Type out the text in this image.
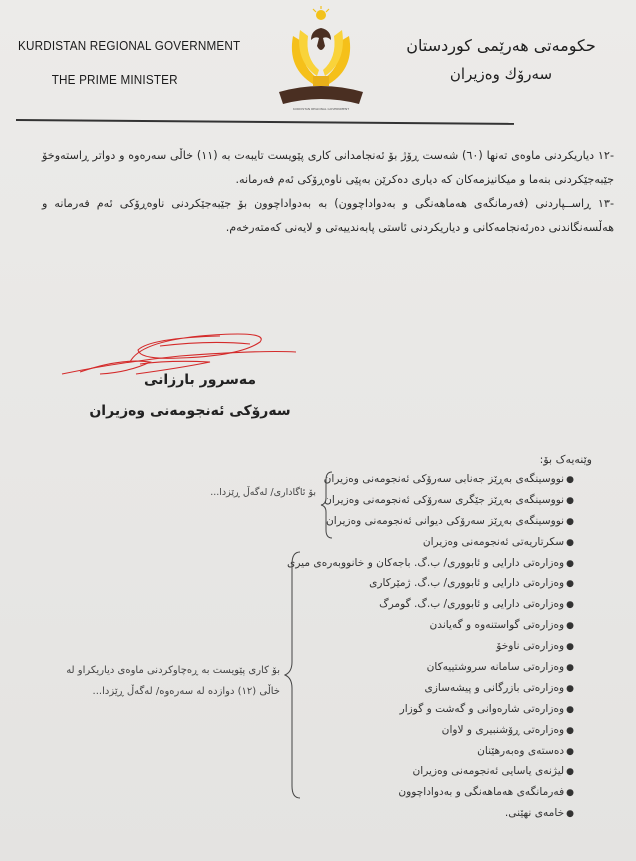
KURDISTAN REGIONAL GOVERNMENT
THE PRIME MINISTER
KURDISTAN REGIONAL GOVERNMENT
حکومەتی هەرێمی کوردستان
سەرۆك وەزیران

-١٢ دیاریکردنی ماوەی تەنها (٦٠) شەست ڕۆژ بۆ ئەنجامدانی کاری پێویست تایبەت بە (١١) خاڵی سەرەوە و دواتر ڕاستەوخۆ جێبەجێکردنی بنەما و میکانیزمەکان کە دیاری دەکرێن بەپێی ناوەڕۆکی ئەم فەرمانە.

-١٣ ڕاســپاردنی (فەرمانگەی هەماهەنگی و بەدواداچوون) بە بەدواداچوون بۆ جێبەجێکردنی ناوەڕۆکی ئەم فەرمانە و هەڵسەنگاندنی دەرئەنجامەکانی و دیاریکردنی ئاستی پابەندییەتی و لایەنی کەمتەرخەم.

مەسرور بارزانی
سەرۆکی ئەنجومەنی وەزیران
وێنەیەک بۆ:
●نووسینگەی بەڕێز جەنابی سەرۆکی ئەنجومەنی وەزیران
●نووسینگەی بەڕێز جێگری سەرۆکی ئەنجومەنی وەزیران
●نووسینگەی بەڕێز سەرۆکی دیوانی ئەنجومەنی وەزیران
●سکرتاریەتی ئەنجومەنی وەزیران
●وەزارەتی دارایی و ئابووری/ ب.گ. باجەکان و خانووبەرەی میری
●وەزارەتی دارایی و ئابووری/ ب.گ. ژمێرکاری
●وەزارەتی دارایی و ئابووری/ ب.گ. گومرگ
●وەزارەتی گواستنەوە و گەیاندن
●وەزارەتی ناوخۆ
●وەزارەتی سامانە سروشتییەکان
●وەزارەتی بازرگانی و پیشەسازی
●وەزارەتی شارەوانی و گەشت و گوزار
●وەزارەتی ڕۆشنبیری و لاوان
●دەستەی وەبەرهێنان
●لیژنەی یاسایی ئەنجومەنی وەزیران
●فەرمانگەی هەماهەنگی و بەدواداچوون
●خامەی نهێنی.
بۆ ئاگاداری/ لەگەڵ ڕێزدا...
بۆ کاری پێویست بە ڕەچاوکردنی ماوەی دیاریکراو لە خاڵی (١٢) دوازدە لە سەرەوە/ لەگەڵ ڕێزدا...
